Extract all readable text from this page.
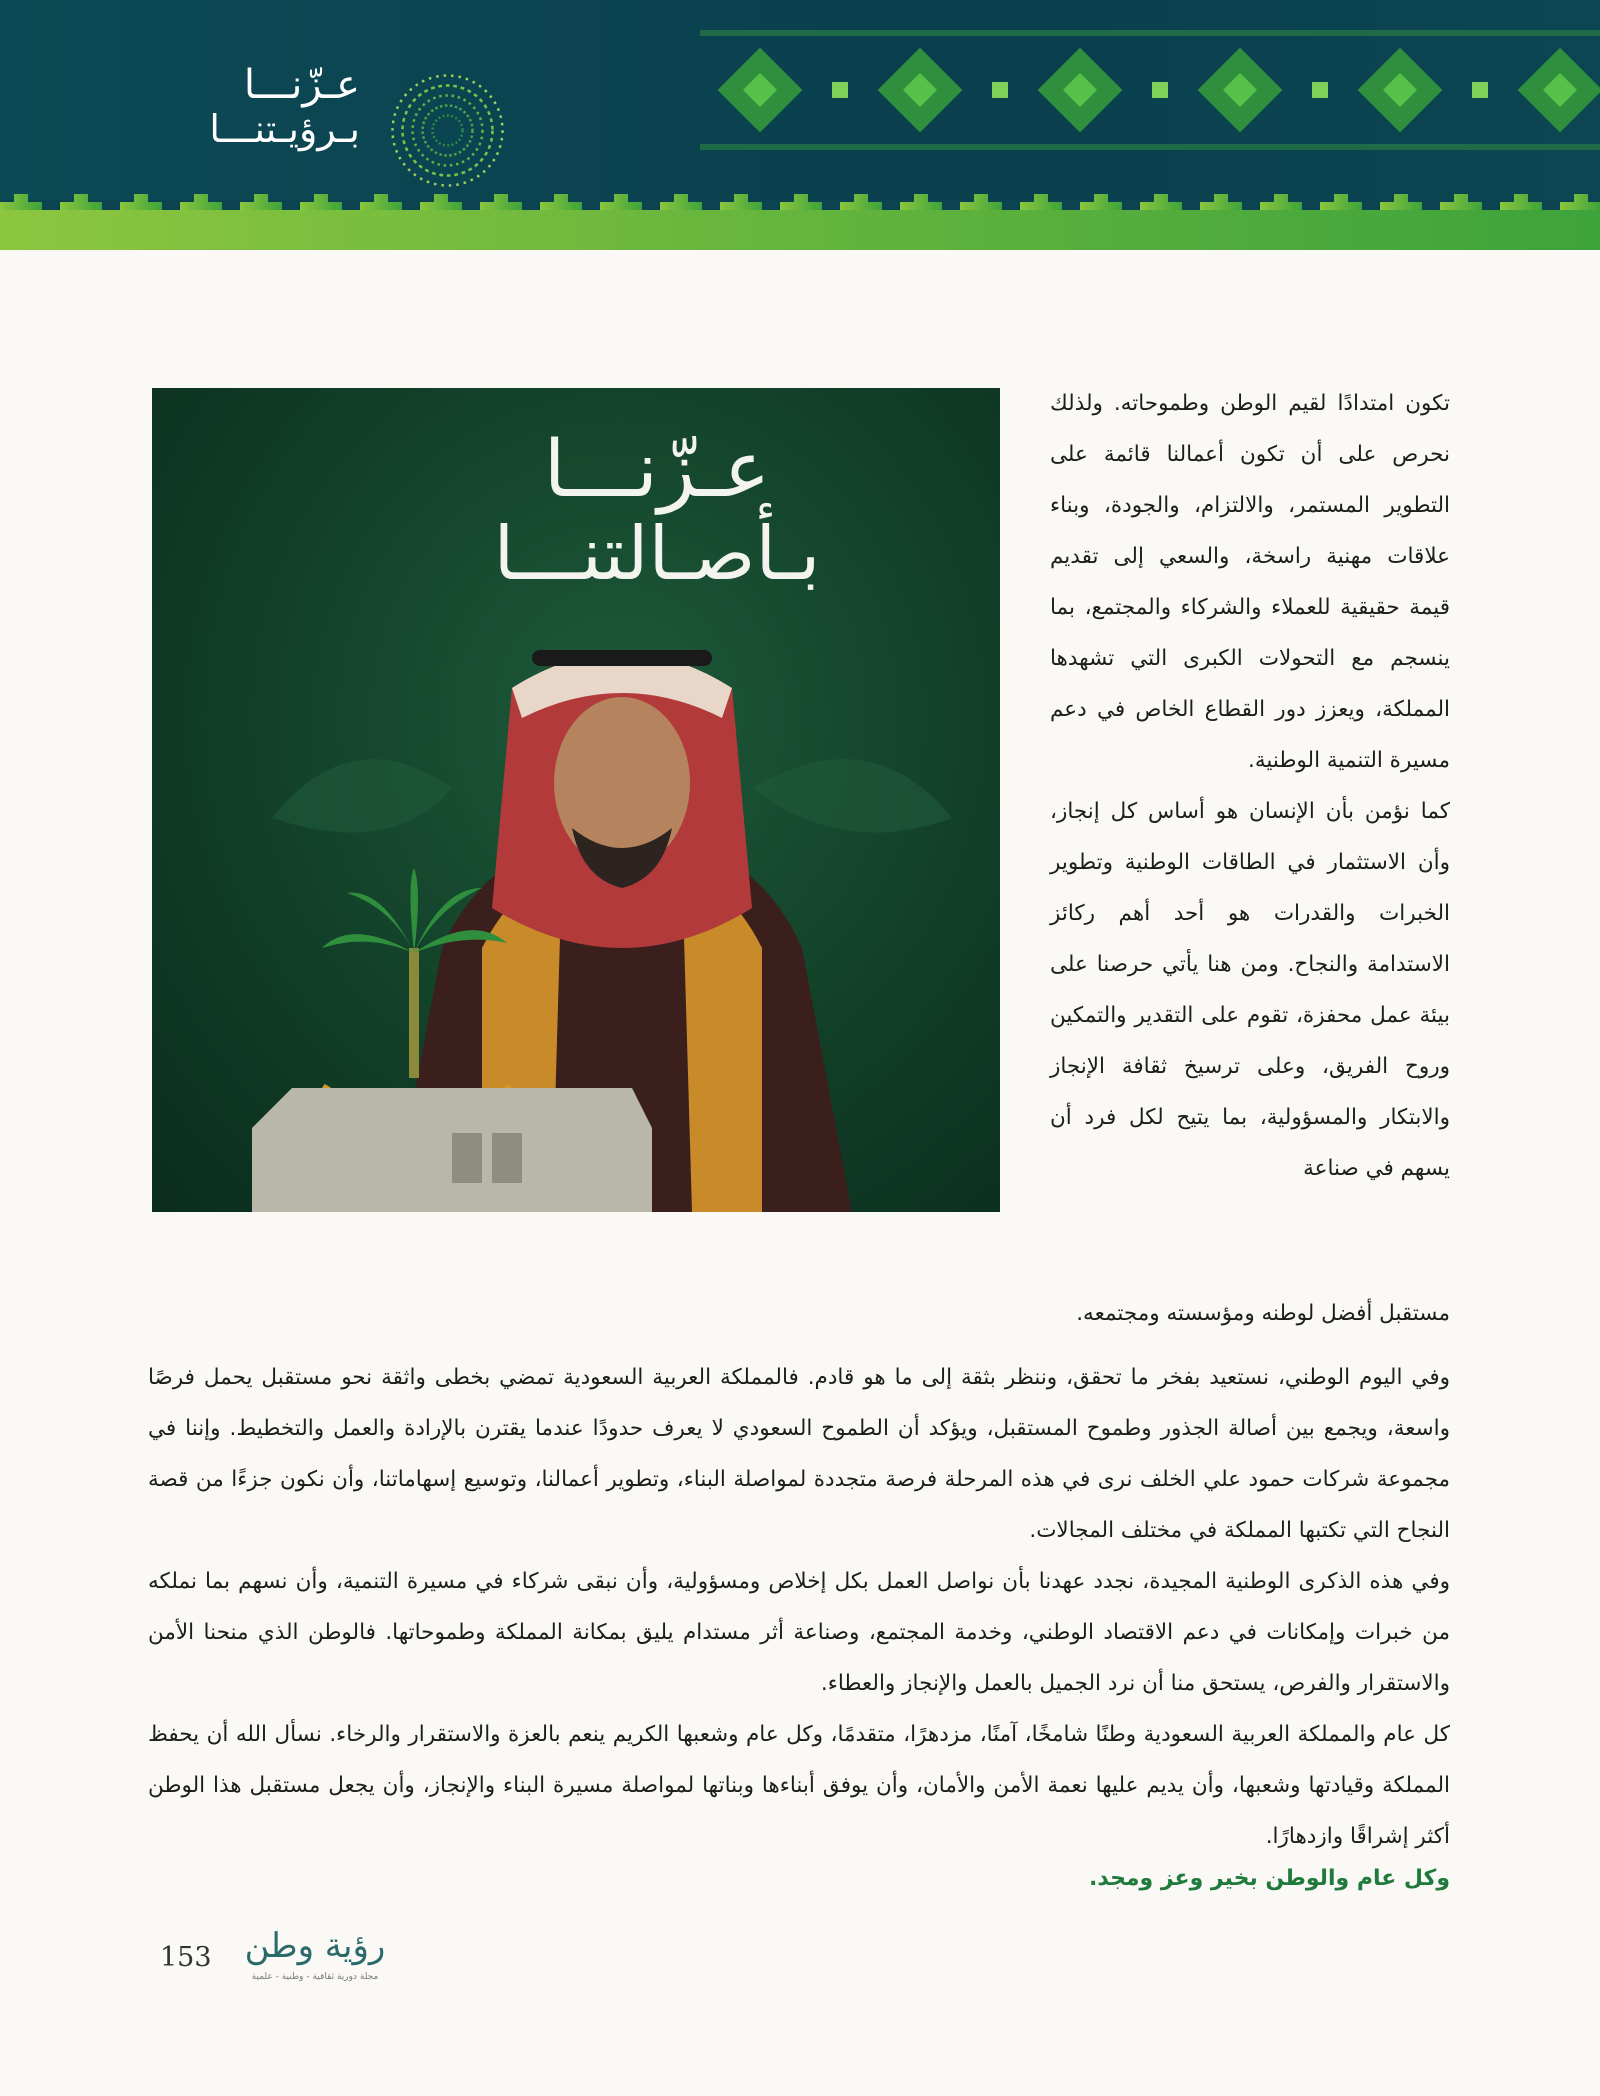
عـزّنـــا
بـرؤيـتنـــا
عـزّنـــا
بـأصـالتنـــا

تكون امتدادًا لقيم الوطن وطموحاته. ولذلك نحرص على أن تكون أعمالنا قائمة على التطوير المستمر، والالتزام، والجودة، وبناء علاقات مهنية راسخة، والسعي إلى تقديم قيمة حقيقية للعملاء والشركاء والمجتمع، بما ينسجم مع التحولات الكبرى التي تشهدها المملكة، ويعزز دور القطاع الخاص في دعم مسيرة التنمية الوطنية.

كما نؤمن بأن الإنسان هو أساس كل إنجاز، وأن الاستثمار في الطاقات الوطنية وتطوير الخبرات والقدرات هو أحد أهم ركائز الاستدامة والنجاح. ومن هنا يأتي حرصنا على بيئة عمل محفزة، تقوم على التقدير والتمكين وروح الفريق، وعلى ترسيخ ثقافة الإنجاز والابتكار والمسؤولية، بما يتيح لكل فرد أن يسهم في صناعة

مستقبل أفضل لوطنه ومؤسسته ومجتمعه.

وفي اليوم الوطني، نستعيد بفخر ما تحقق، وننظر بثقة إلى ما هو قادم. فالمملكة العربية السعودية تمضي بخطى واثقة نحو مستقبل يحمل فرصًا واسعة، ويجمع بين أصالة الجذور وطموح المستقبل، ويؤكد أن الطموح السعودي لا يعرف حدودًا عندما يقترن بالإرادة والعمل والتخطيط. وإننا في مجموعة شركات حمود علي الخلف نرى في هذه المرحلة فرصة متجددة لمواصلة البناء، وتطوير أعمالنا، وتوسيع إسهاماتنا، وأن نكون جزءًا من قصة النجاح التي تكتبها المملكة في مختلف المجالات.

وفي هذه الذكرى الوطنية المجيدة، نجدد عهدنا بأن نواصل العمل بكل إخلاص ومسؤولية، وأن نبقى شركاء في مسيرة التنمية، وأن نسهم بما نملكه من خبرات وإمكانات في دعم الاقتصاد الوطني، وخدمة المجتمع، وصناعة أثر مستدام يليق بمكانة المملكة وطموحاتها. فالوطن الذي منحنا الأمن والاستقرار والفرص، يستحق منا أن نرد الجميل بالعمل والإنجاز والعطاء.

كل عام والمملكة العربية السعودية وطنًا شامخًا، آمنًا، مزدهرًا، متقدمًا، وكل عام وشعبها الكريم ينعم بالعزة والاستقرار والرخاء. نسأل الله أن يحفظ المملكة وقيادتها وشعبها، وأن يديم عليها نعمة الأمن والأمان، وأن يوفق أبناءها وبناتها لمواصلة مسيرة البناء والإنجاز، وأن يجعل مستقبل هذا الوطن أكثر إشراقًا وازدهارًا.

وكل عام والوطن بخير وعز ومجد.
153 رؤية وطن
مجلة دورية ثقافية - وطنية - علمية
